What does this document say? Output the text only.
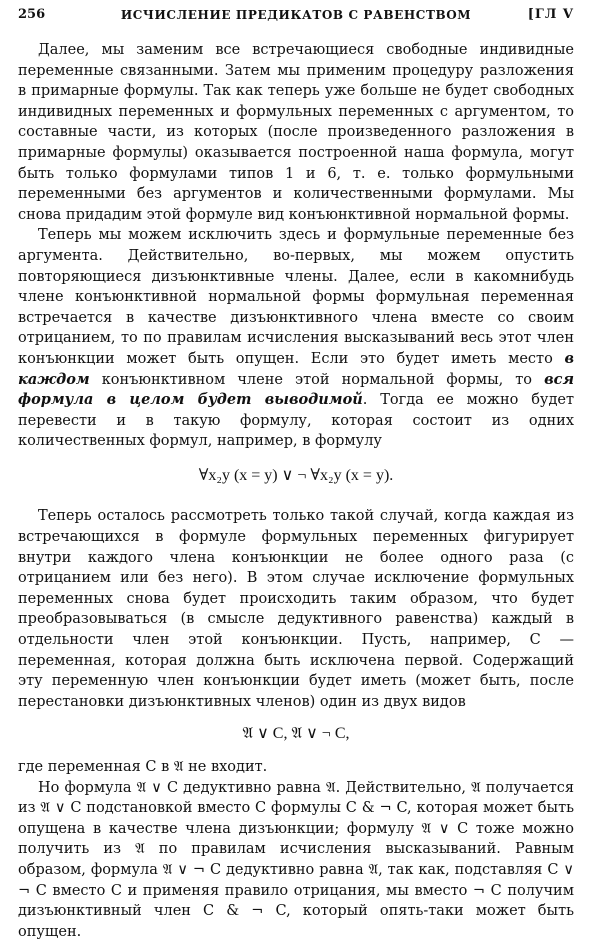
256	ИСЧИСЛЕНИЕ ПРЕДИКАТОВ С РАВЕНСТВОМ	[ГЛ V

Далее, мы заменим все встречающиеся свободные индивидные переменные связанными. Затем мы применим процедуру разложения в примарные формулы. Так как теперь уже больше не будет свободных индивидных переменных и формульных переменных с аргументом, то составные части, из которых (после произведенного разложения в примарные формулы) оказывается построенной наша формула, могут быть только формулами типов 1 и 6, т. е. только формульными переменными без аргументов и количественными формулами. Мы снова придадим этой формуле вид конъюнктивной нормальной формы.

Теперь мы можем исключить здесь и формульные переменные без аргумента. Действительно, во-первых, мы можем опустить повторяющиеся дизъюнктивные члены. Далее, если в какомнибудь члене конъюнктивной нормальной формы формульная переменная встречается в качестве дизъюнктивного члена вместе со своим отрицанием, то по правилам исчисления высказываний весь этот член конъюнкции может быть опущен. Если это будет иметь место в каждом конъюнктивном члене этой нормальной формы, то вся формула в целом будет выводимой. Тогда ее можно будет перевести и в такую формулу, которая состоит из одних количественных формул, например, в формулу

∀x₂y (x = y) ∨ ¬ ∀x₂y (x = y).

Теперь осталось рассмотреть только такой случай, когда каждая из встречающихся в формуле формульных переменных фигурирует внутри каждого члена конъюнкции не более одного раза (с отрицанием или без него). В этом случае исключение формульных переменных снова будет происходить таким образом, что будет преобразовываться (в смысле дедуктивного равенства) каждый в отдельности член этой конъюнкции. Пусть, например, C — переменная, которая должна быть исключена первой. Содержащий эту переменную член конъюнкции будет иметь (может быть, после перестановки дизъюнктивных членов) один из двух видов

𝔄 ∨ C, 𝔄 ∨ ¬ C,

где переменная C в 𝔄 не входит.

Но формула 𝔄 ∨ C дедуктивно равна 𝔄. Действительно, 𝔄 получается из 𝔄 ∨ C подстановкой вместо C формулы C & ¬ C, которая может быть опущена в качестве члена дизъюнкции; формулу 𝔄 ∨ C тоже можно получить из 𝔄 по правилам исчисления высказываний. Равным образом, формула 𝔄 ∨ ¬ C дедуктивно равна 𝔄, так как, подставляя C ∨ ¬ C вместо C и применяя правило отрицания, мы вместо ¬ C получим дизъюнктивный член C & ¬ C, который опять-таки может быть опущен.
